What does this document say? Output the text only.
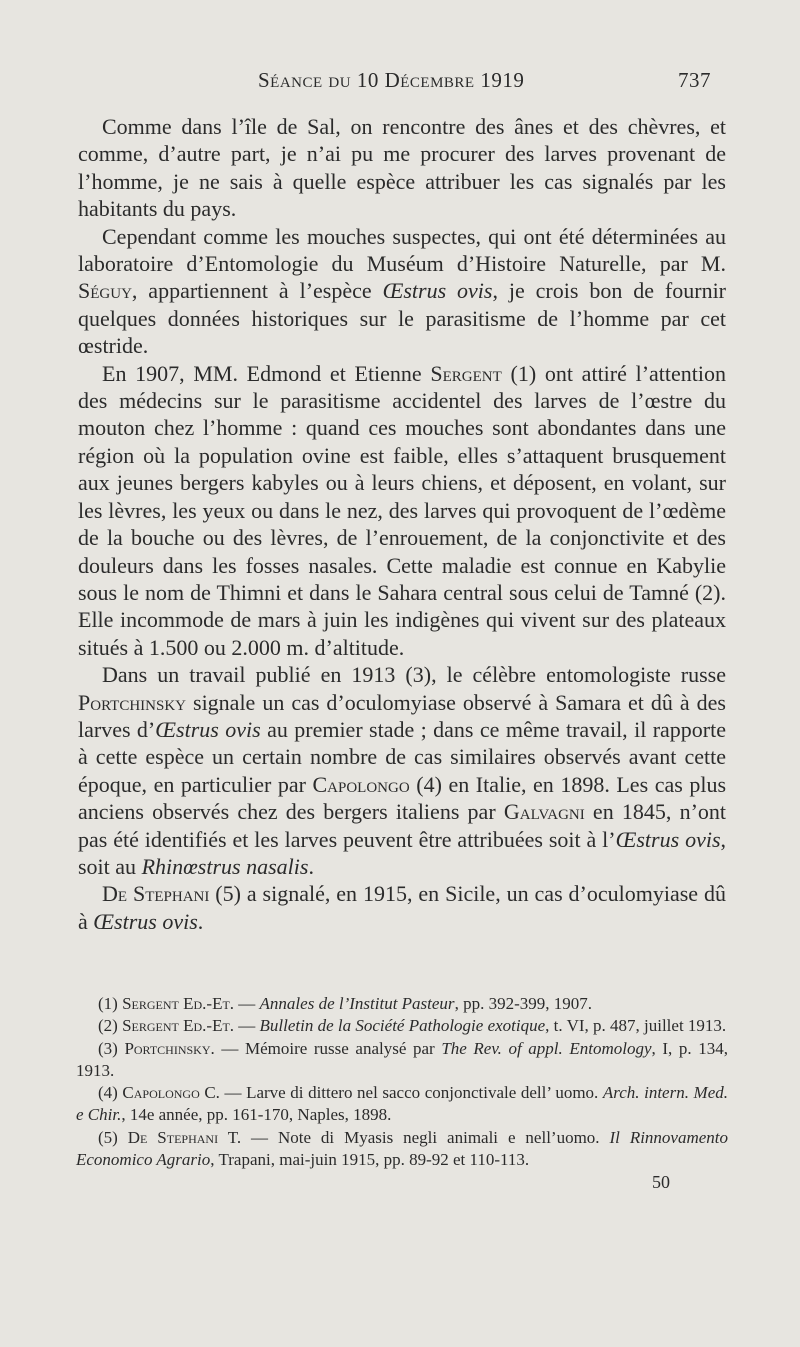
Séance du 10 Décembre 1919	737

Comme dans l’île de Sal, on rencontre des ânes et des chèvres, et comme, d’autre part, je n’ai pu me procurer des larves provenant de l’homme, je ne sais à quelle espèce attribuer les cas signalés par les habitants du pays.

Cependant comme les mouches suspectes, qui ont été déterminées au laboratoire d’Entomologie du Muséum d’Histoire Naturelle, par M. Séguy, appartiennent à l’espèce Œstrus ovis, je crois bon de fournir quelques données historiques sur le parasitisme de l’homme par cet œstride.

En 1907, MM. Edmond et Etienne Sergent (1) ont attiré l’attention des médecins sur le parasitisme accidentel des larves de l’œstre du mouton chez l’homme : quand ces mouches sont abondantes dans une région où la population ovine est faible, elles s’attaquent brusquement aux jeunes bergers kabyles ou à leurs chiens, et déposent, en volant, sur les lèvres, les yeux ou dans le nez, des larves qui provoquent de l’œdème de la bouche ou des lèvres, de l’enrouement, de la conjonctivite et des douleurs dans les fosses nasales. Cette maladie est connue en Kabylie sous le nom de Thimni et dans le Sahara central sous celui de Tamné (2). Elle incommode de mars à juin les indigènes qui vivent sur des plateaux situés à 1.500 ou 2.000 m. d’altitude.

Dans un travail publié en 1913 (3), le célèbre entomologiste russe Portchinsky signale un cas d’oculomyiase observé à Samara et dû à des larves d’Œstrus ovis au premier stade ; dans ce même travail, il rapporte à cette espèce un certain nombre de cas similaires observés avant cette époque, en particulier par Capolongo (4) en Italie, en 1898. Les cas plus anciens observés chez des bergers italiens par Galvagni en 1845, n’ont pas été identifiés et les larves peuvent être attribuées soit à l’Œstrus ovis, soit au Rhinœstrus nasalis.

De Stephani (5) a signalé, en 1915, en Sicile, un cas d’oculomyiase dû à Œstrus ovis.

(1) Sergent Ed.-Et. — Annales de l’Institut Pasteur, pp. 392-399, 1907.

(2) Sergent Ed.-Et. — Bulletin de la Société Pathologie exotique, t. VI, p. 487, juillet 1913.

(3) Portchinsky. — Mémoire russe analysé par The Rev. of appl. Entomology, I, p. 134, 1913.

(4) Capolongo C. — Larve di dittero nel sacco conjonctivale dell’ uomo. Arch. intern. Med. e Chir., 14e année, pp. 161-170, Naples, 1898.

(5) De Stephani T. — Note di Myasis negli animali e nell’uomo. Il Rinnovamento Economico Agrario, Trapani, mai-juin 1915, pp. 89-92 et 110-113.

50
